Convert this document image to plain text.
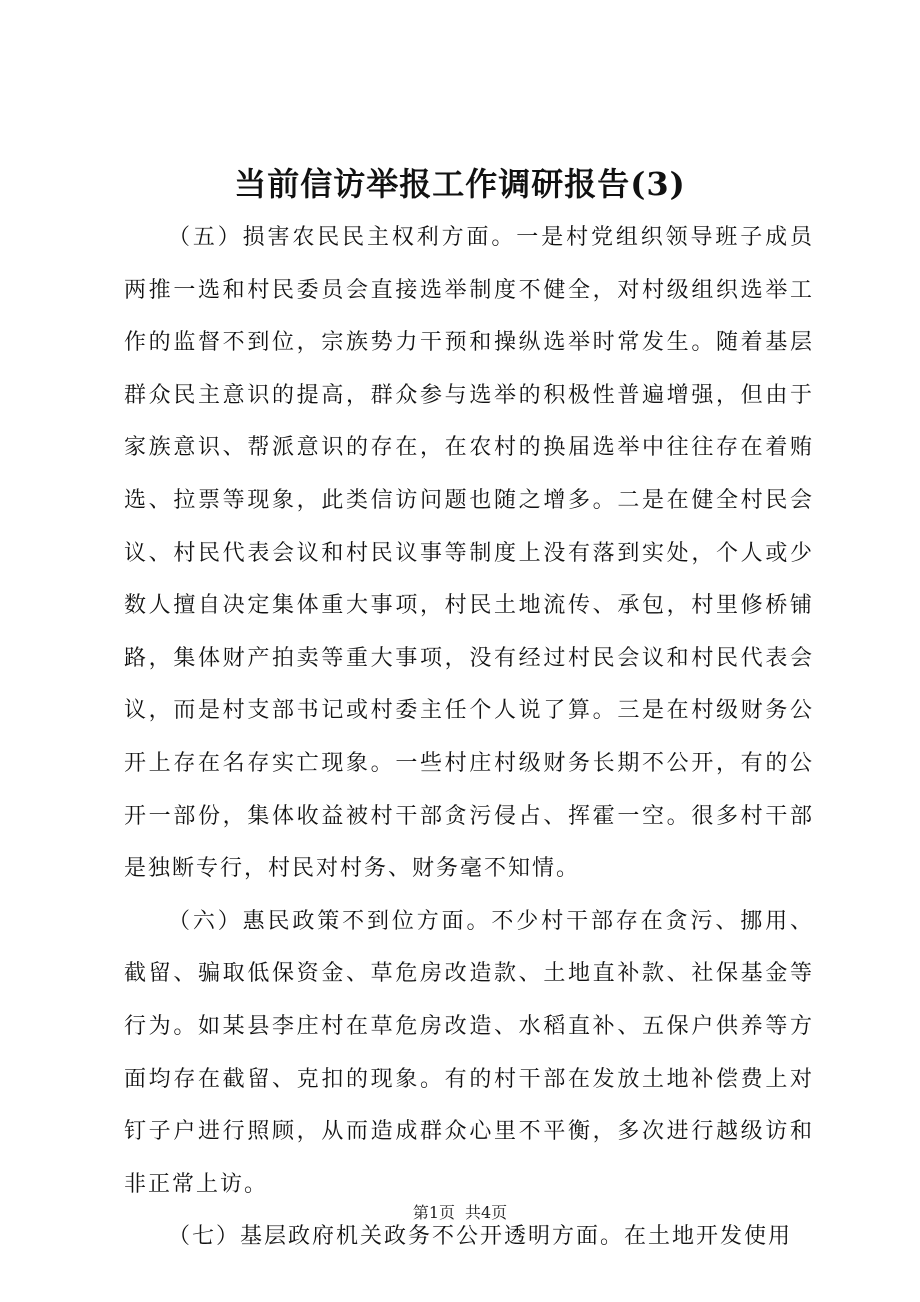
当前信访举报工作调研报告(3)

（五）损害农民民主权利方面。一是村党组织领导班子成员两推一选和村民委员会直接选举制度不健全，对村级组织选举工作的监督不到位，宗族势力干预和操纵选举时常发生。随着基层群众民主意识的提高，群众参与选举的积极性普遍增强，但由于家族意识、帮派意识的存在，在农村的换届选举中往往存在着贿选、拉票等现象，此类信访问题也随之增多。二是在健全村民会议、村民代表会议和村民议事等制度上没有落到实处，个人或少数人擅自决定集体重大事项，村民土地流传、承包，村里修桥铺路，集体财产拍卖等重大事项，没有经过村民会议和村民代表会议，而是村支部书记或村委主任个人说了算。三是在村级财务公开上存在名存实亡现象。一些村庄村级财务长期不公开，有的公开一部份，集体收益被村干部贪污侵占、挥霍一空。很多村干部是独断专行，村民对村务、财务毫不知情。

（六）惠民政策不到位方面。不少村干部存在贪污、挪用、截留、骗取低保资金、草危房改造款、土地直补款、社保基金等行为。如某县李庄村在草危房改造、水稻直补、五保户供养等方面均存在截留、克扣的现象。有的村干部在发放土地补偿费上对钉子户进行照顾，从而造成群众心里不平衡，多次进行越级访和非正常上访。

（七）基层政府机关政务不公开透明方面。在土地开发使用

第1页 共4页
